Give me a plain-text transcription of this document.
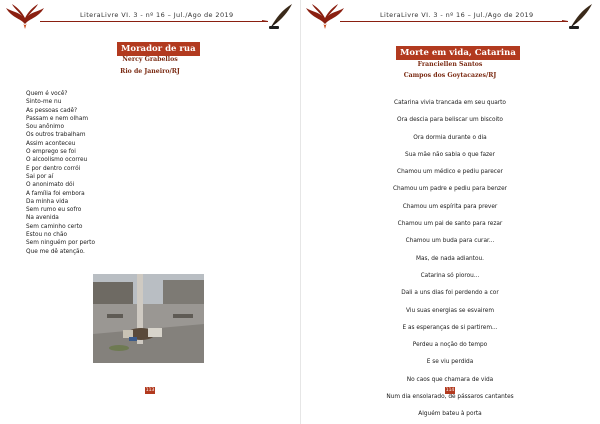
LiteraLivre VI. 3 - nº 16 – Jul./Ago de 2019
Morador de rua
Nercy Grabellos
Rio de Janeiro/RJ
Quem é você?
Sinto-me nu
As pessoas cadê?
Passam e nem olham
Sou anônimo
Os outros trabalham
Assim aconteceu
O emprego se foi
O alcoolismo ocorreu
E por dentro corrói
Sai por aí
O anonimato dói
A família foi embora
Da minha vida
Sem rumo eu sofro
Na avenida
Sem caminho certo
Estou no chão
Sem ninguém por perto
Que me dê atenção.
113
LiteraLivre VI. 3 - nº 16 – Jul./Ago de 2019
Morte em vida, Catarina
Franciellen Santos
Campos dos Goytacazes/RJ
Catarina vivia trancada em seu quarto
Ora descia para beliscar um biscoito
Ora dormia durante o dia
Sua mãe não sabia o que fazer
Chamou um médico e pediu parecer
Chamou um padre e pediu para benzer
Chamou um espírita para prever
Chamou um pai de santo para rezar
Chamou um buda para curar...
Mas, de nada adiantou.
Catarina só piorou...
Dali a uns dias foi perdendo a cor
Viu suas energias se esvairem
E as esperanças de si partirem...
Perdeu a noção do tempo
E se viu perdida
No caos que chamara de vida
Num dia ensolarado, de pássaros cantantes
Alguém bateu à porta
114
